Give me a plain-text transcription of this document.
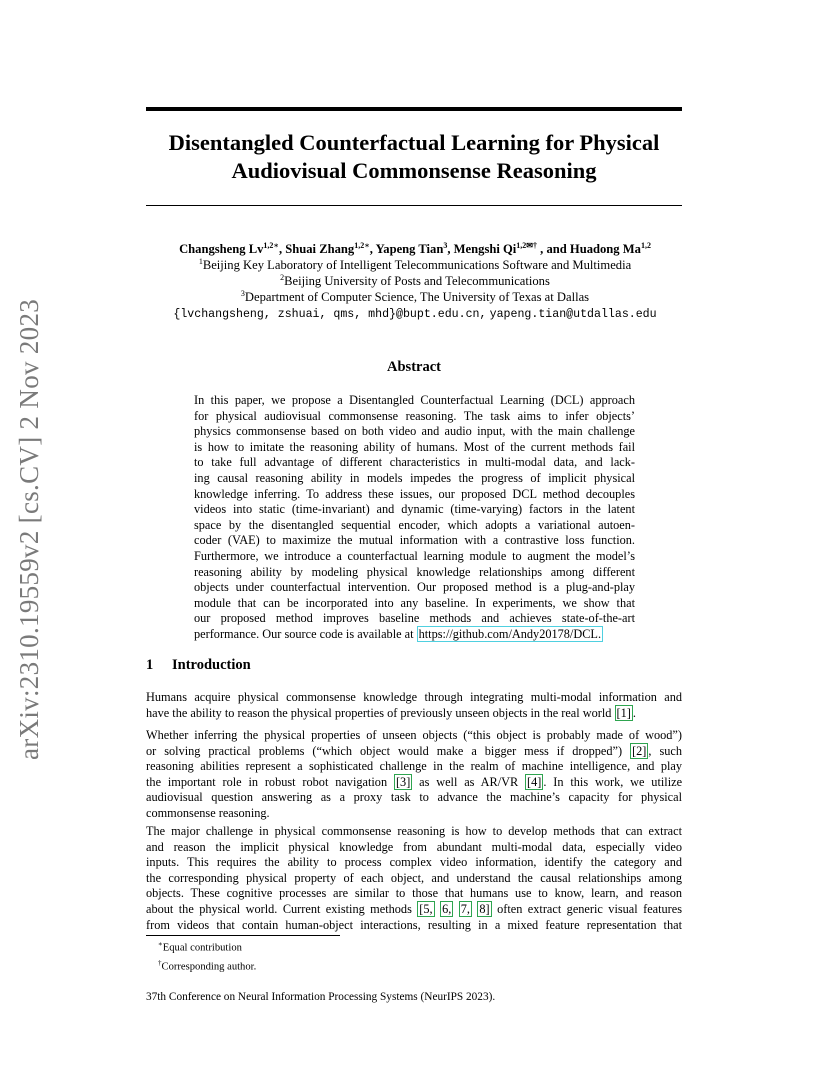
arXiv:2310.19559v2 [cs.CV] 2 Nov 2023
Disentangled Counterfactual Learning for Physical
Audiovisual Commonsense Reasoning
Changsheng $Lv^{1,2∗}$, Shuai Zhang$^{1,2∗}$, Yapeng Tian$^3$, Mengshi $Qi^{1,2✉\dagger}$ , and Huadong Ma$^{1,2}$
$^1$Beijing Key Laboratory of Intelligent Telecommunications Software and Multimedia
$^2$Beijing University of Posts and Telecommunications
$^3$Department of Computer Science, The University of Texas at Dallas
{lvchangsheng, zshuai, qms, mhd}@bupt.edu.cn, yapeng.tian@utdallas.edu
Abstract
In this paper, we propose a Disentangled Counterfactual Learning (DCL) approach
for physical audiovisual commonsense reasoning. The task aims to infer objects’
physics commonsense based on both video and audio input, with the main challenge
is how to imitate the reasoning ability of humans. Most of the current methods fail
to take full advantage of different characteristics in multi-modal data, and lack-
ing causal reasoning ability in models impedes the progress of implicit physical
knowledge inferring. To address these issues, our proposed DCL method decouples
videos into static (time-invariant) and dynamic (time-varying) factors in the latent
space by the disentangled sequential encoder, which adopts a variational autoen-
coder (VAE) to maximize the mutual information with a contrastive loss function.
Furthermore, we introduce a counterfactual learning module to augment the model’s
reasoning ability by modeling physical knowledge relationships among different
objects under counterfactual intervention. Our proposed method is a plug-and-play
module that can be incorporated into any baseline. In experiments, we show that
our proposed method improves baseline methods and achieves state-of-the-art
performance. Our source code is available at https://github.com/Andy20178/DCL.
1 Introduction
Humans acquire physical commonsense knowledge through integrating multi-modal information and
have the ability to reason the physical properties of previously unseen objects in the real world [1] .
Whether inferring the physical properties of unseen objects (“this object is probably made of wood”)
or solving practical problems (“which object would make a bigger mess if dropped”) [2] , such
reasoning abilities represent a sophisticated challenge in the realm of machine intelligence, and play
the important role in robust robot navigation [3] as well as AR/VR [4] . In this work, we utilize
audiovisual question answering as a proxy task to advance the machine’s capacity for physical
commonsense reasoning.
The major challenge in physical commonsense reasoning is how to develop methods that can extract
and reason the implicit physical knowledge from abundant multi-modal data, especially video
inputs. This requires the ability to process complex video information, identify the category and
the corresponding physical property of each object, and understand the causal relationships among
objects. These cognitive processes are similar to those that humans use to know, learn, and reason
about the physical world. Current existing methods [5, 6, 7, 8] often extract generic visual features
from videos that contain human-object interactions, resulting in a mixed feature representation that
∗Equal contribution
†Corresponding author.
37th Conference on Neural Information Processing Systems (NeurIPS 2023).
